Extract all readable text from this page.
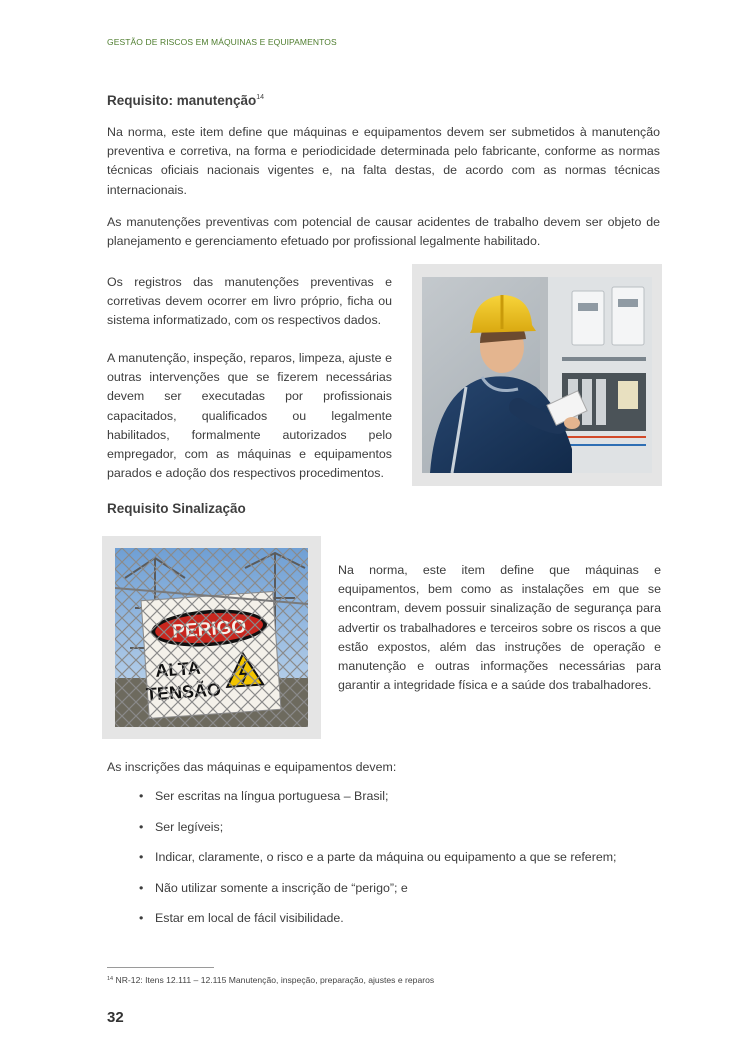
GESTÃO DE RISCOS EM MÁQUINAS E EQUIPAMENTOS
Requisito: manutenção$^{14}$

Na norma, este item define que máquinas e equipamentos devem ser submetidos à manutenção preventiva e corretiva, na forma e periodicidade determinada pelo fabricante, conforme as normas técnicas oficiais nacionais vigentes e, na falta destas, de acordo com as normas técnicas internacionais.

As manutenções preventivas com potencial de causar acidentes de trabalho devem ser objeto de planejamento e gerenciamento efetuado por profissional legalmente habilitado.

Os registros das manutenções preventivas e corretivas devem ocorrer em livro próprio, ficha ou sistema informatizado, com os respectivos dados.

A manutenção, inspeção, reparos, limpeza, ajuste e outras intervenções que se fizerem necessárias devem ser executadas por profissionais capacitados, qualificados ou legalmente habilitados, formalmente autorizados pelo empregador, com as máquinas e equipamentos parados e adoção dos respectivos procedimentos.

Requisito Sinalização

Na norma, este item define que máquinas e equipamentos, bem como as instalações em que se encontram, devem possuir sinalização de segurança para advertir os trabalhadores e terceiros sobre os riscos a que estão expostos, além das instruções de operação e manutenção e outras informações necessárias para garantir a integridade física e a saúde dos trabalhadores.

As inscrições das máquinas e equipamentos devem:

• Ser escritas na língua portuguesa – Brasil;
• Ser legíveis;
• Indicar, claramente, o risco e a parte da máquina ou equipamento a que se referem;
• Não utilizar somente a inscrição de “perigo”; e
• Estar em local de fácil visibilidade.
$^{14}$ NR-12: Itens 12.111 – 12.115 Manutenção, inspeção, preparação, ajustes e reparos
32
